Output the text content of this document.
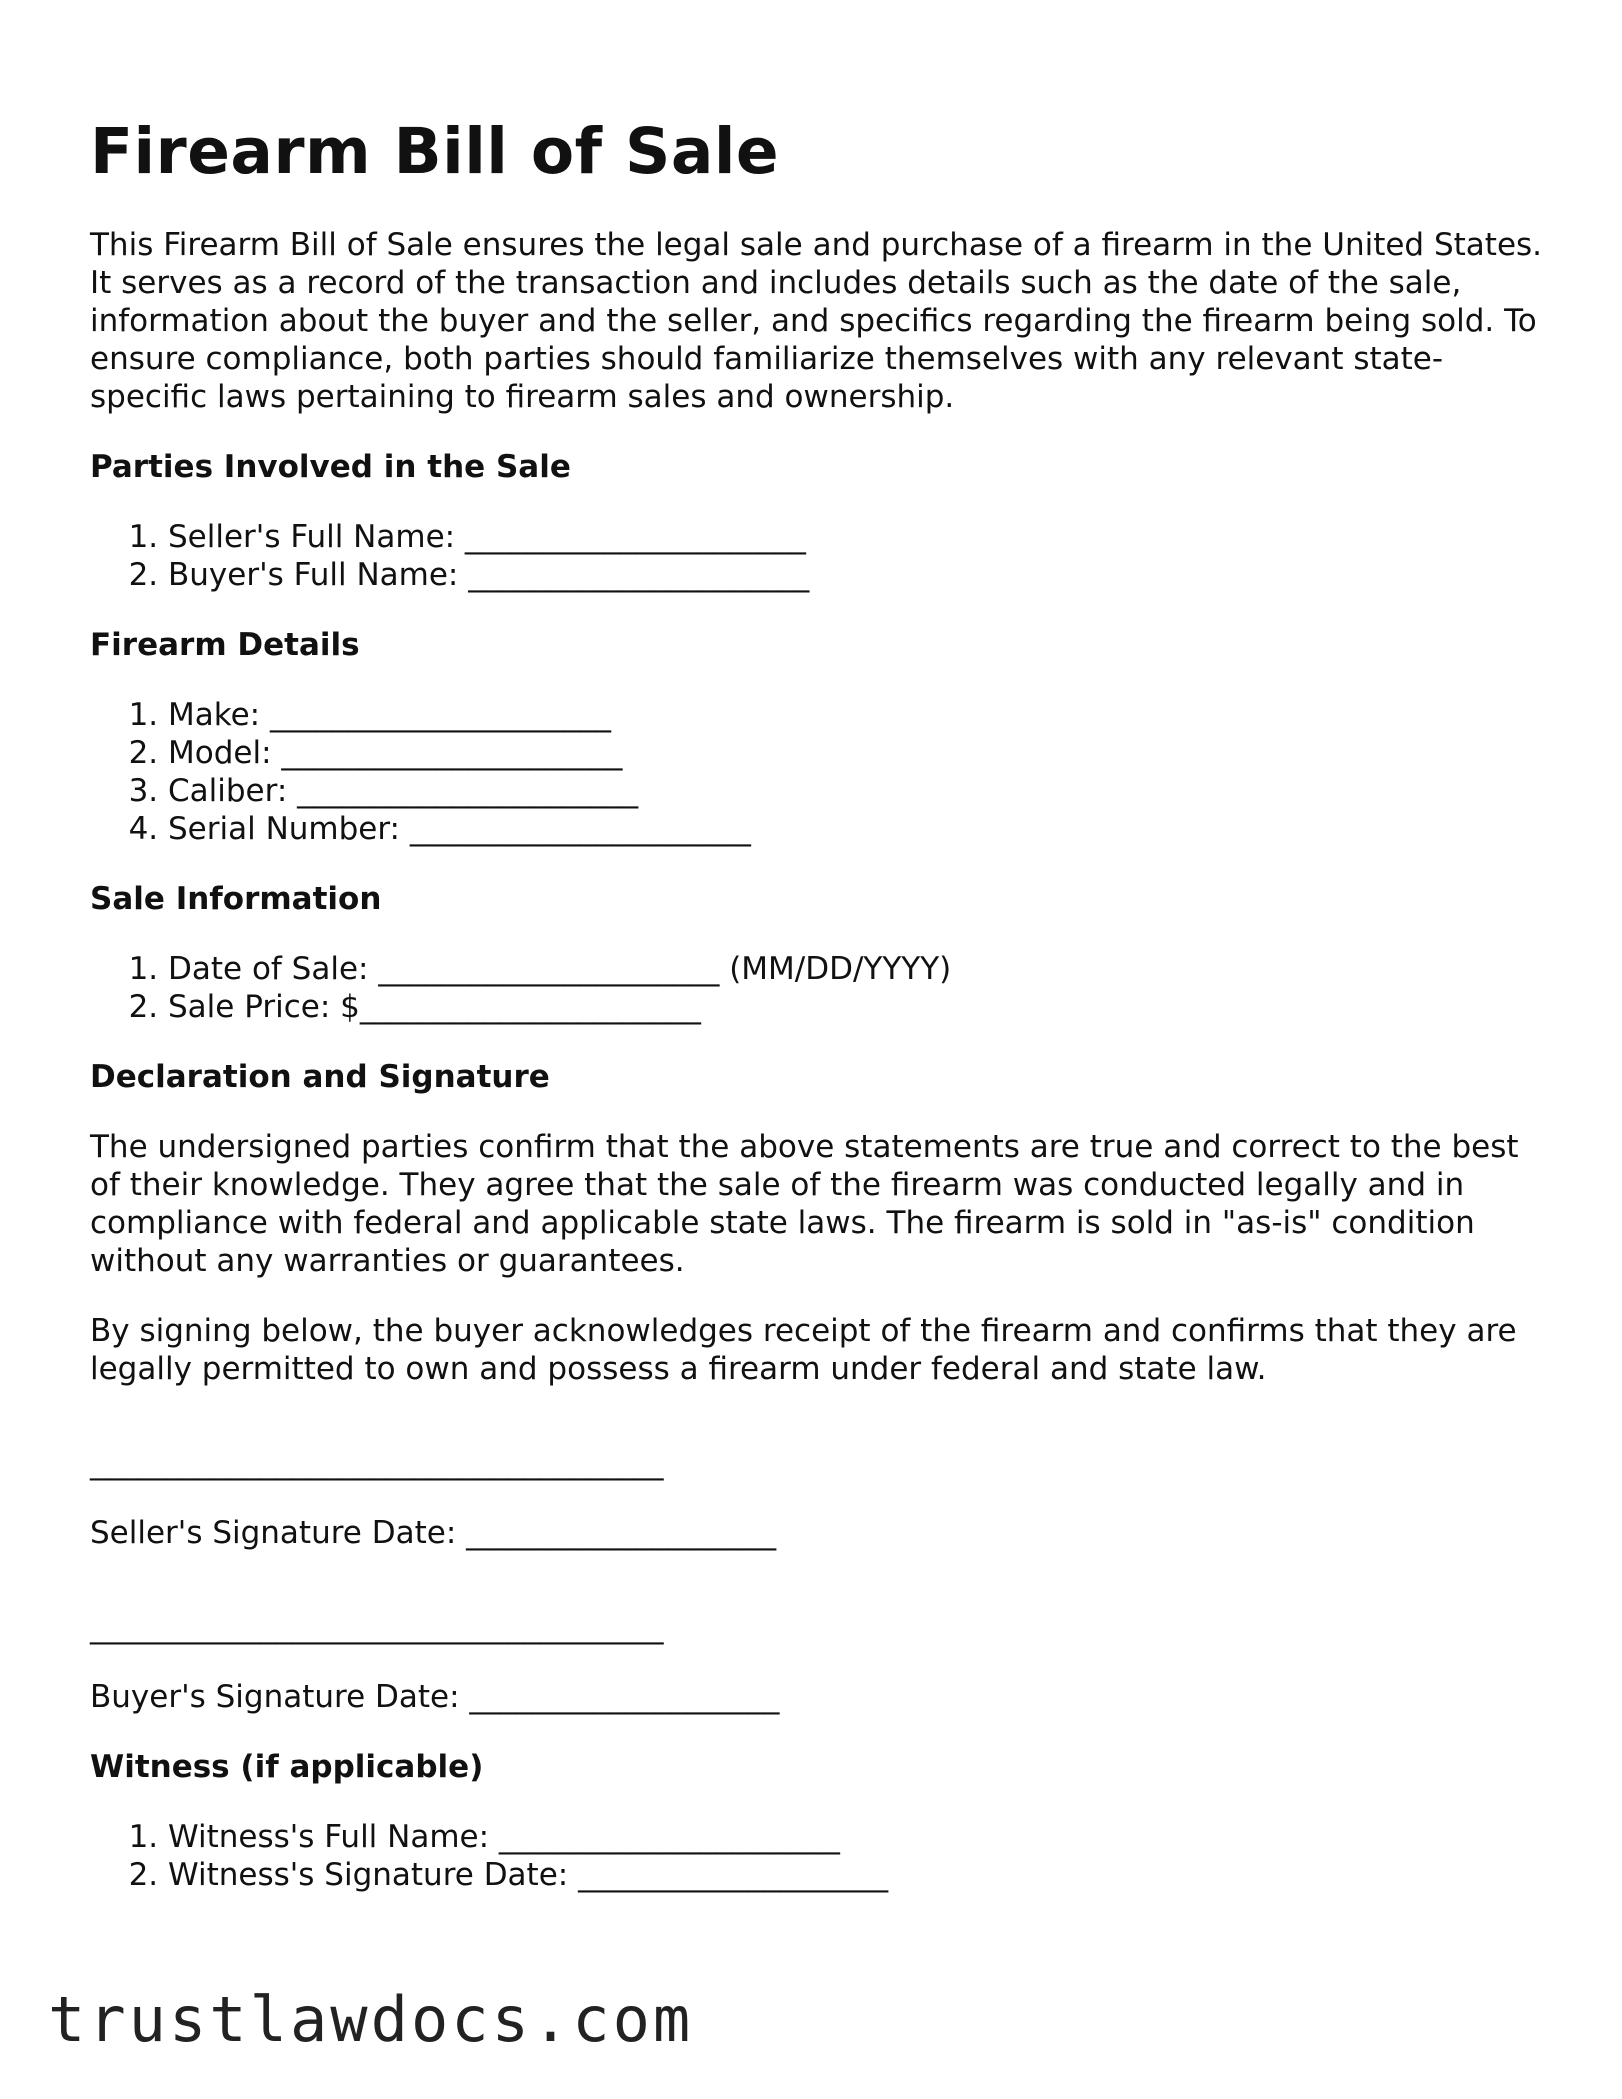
Firearm Bill of Sale

This Firearm Bill of Sale ensures the legal sale and purchase of a firearm in the United States. It serves as a record of the transaction and includes details such as the date of the sale, information about the buyer and the seller, and specifics regarding the firearm being sold. To ensure compliance, both parties should familiarize themselves with any relevant state-specific laws pertaining to firearm sales and ownership.

Parties Involved in the Sale
1. Seller's Full Name: ______________________
2. Buyer's Full Name: ______________________
Firearm Details
1. Make: ______________________
2. Model: ______________________
3. Caliber: ______________________
4. Serial Number: ______________________
Sale Information
1. Date of Sale: ______________________ (MM/DD/YYYY)
2. Sale Price: $______________________
Declaration and Signature

The undersigned parties confirm that the above statements are true and correct to the best of their knowledge. They agree that the sale of the firearm was conducted legally and in compliance with federal and applicable state laws. The firearm is sold in "as-is" condition without any warranties or guarantees.

By signing below, the buyer acknowledges receipt of the firearm and confirms that they are legally permitted to own and possess a firearm under federal and state law.

_____________________________________
Seller's Signature Date: ____________________
_____________________________________
Buyer's Signature Date: ____________________
Witness (if applicable)
1. Witness's Full Name: ______________________
2. Witness's Signature Date: ____________________
trustlawdocs.com
